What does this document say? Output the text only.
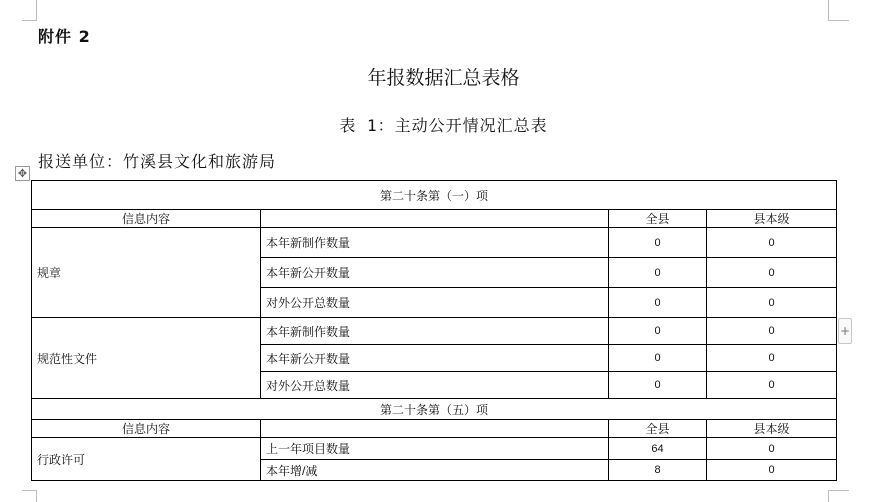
附件 2
年报数据汇总表格
表 1：主动公开情况汇总表
报送单位：竹溪县文化和旅游局
✥
+
第二十条第（一）项			
信息内容		全县	县本级
规章	本年新制作数量	0	0
	本年新公开数量	0	0
	对外公开总数量	0	0
规范性文件	本年新制作数量	0	0
	本年新公开数量	0	0
	对外公开总数量	0	0
第二十条第（五）项			
信息内容		全县	县本级
行政许可	上一年项目数量	64	0
	本年增/减	8	0
